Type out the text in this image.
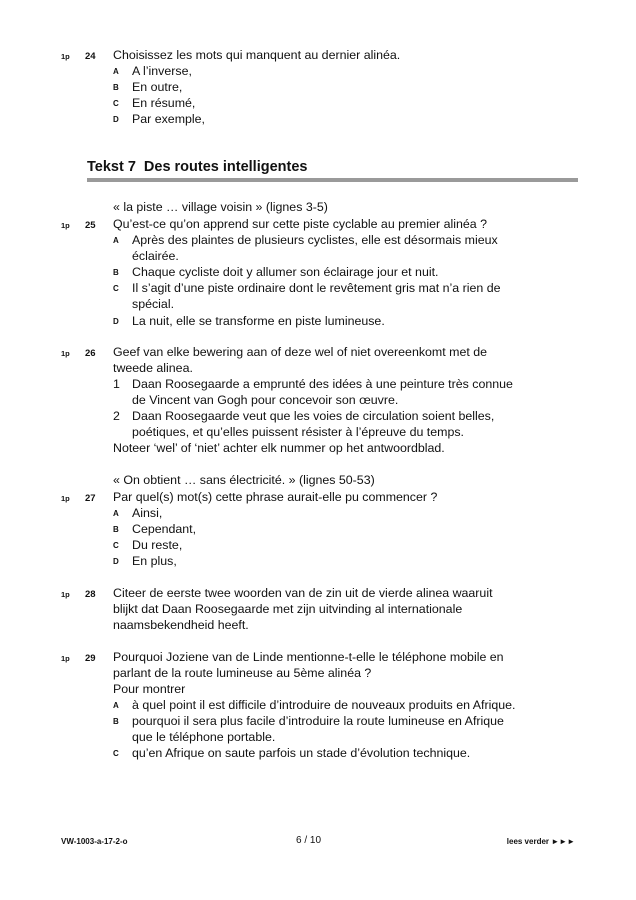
1p 24 Choisissez les mots qui manquent au dernier alinéa.
A A l’inverse,
B En outre,
C En résumé,
D Par exemple,
Tekst 7 Des routes intelligentes
« la piste … village voisin » (lignes 3-5)
1p 25 Qu’est-ce qu’on apprend sur cette piste cyclable au premier alinéa ?
A Après des plaintes de plusieurs cyclistes, elle est désormais mieux
éclairée.
B Chaque cycliste doit y allumer son éclairage jour et nuit.
C Il s’agit d’une piste ordinaire dont le revêtement gris mat n’a rien de
spécial.
D La nuit, elle se transforme en piste lumineuse.
1p 26 Geef van elke bewering aan of deze wel of niet overeenkomt met de
tweede alinea.
1 Daan Roosegaarde a emprunté des idées à une peinture très connue
de Vincent van Gogh pour concevoir son œuvre.
2 Daan Roosegaarde veut que les voies de circulation soient belles,
poétiques, et qu’elles puissent résister à l’épreuve du temps.
Noteer ‘wel’ of ‘niet’ achter elk nummer op het antwoordblad.
« On obtient … sans électricité. » (lignes 50-53)
1p 27 Par quel(s) mot(s) cette phrase aurait-elle pu commencer ?
A Ainsi,
B Cependant,
C Du reste,
D En plus,
1p 28 Citeer de eerste twee woorden van de zin uit de vierde alinea waaruit
blijkt dat Daan Roosegaarde met zijn uitvinding al internationale
naamsbekendheid heeft.
1p 29 Pourquoi Joziene van de Linde mentionne-t-elle le téléphone mobile en
parlant de la route lumineuse au 5ème alinéa ?
Pour montrer
A à quel point il est difficile d’introduire de nouveaux produits en Afrique.
B pourquoi il sera plus facile d’introduire la route lumineuse en Afrique
que le téléphone portable.
C qu’en Afrique on saute parfois un stade d’évolution technique.
VW-1003-a-17-2-o	6 / 10	lees verder ►►►
